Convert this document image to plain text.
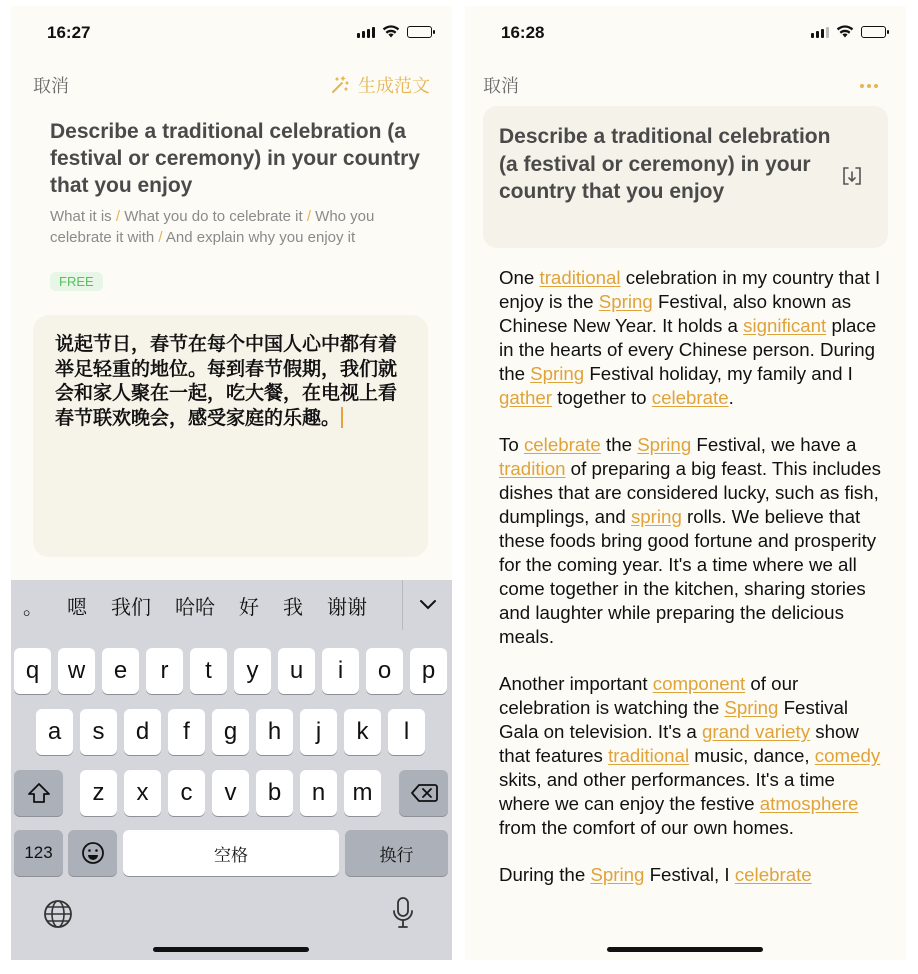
16:27
取消	生成范文
Describe a traditional celebration (a festival or ceremony) in your country that you enjoy
What it is / What you do to celebrate it / Who you celebrate it with / And explain why you enjoy it
FREE
说起节日，春节在每个中国人心中都有着举足轻重的地位。每到春节假期，我们就会和家人聚在一起，吃大餐，在电视上看春节联欢晚会，感受家庭的乐趣。
。	嗯	我们	哈哈	好	我	谢谢
123	空格	换行
q	w	e	r	t	y	u	i	o	p
a	s	d	f	g	h	j	k	l
z	x	c	v	b	n	m
16:28
取消
Describe a traditional celebration (a festival or ceremony) in your country that you enjoy

One traditional celebration in my country that I enjoy is the Spring Festival, also known as Chinese New Year. It holds a significant place in the hearts of every Chinese person. During the Spring Festival holiday, my family and I gather together to celebrate.

To celebrate the Spring Festival, we have a tradition of preparing a big feast. This includes dishes that are considered lucky, such as fish, dumplings, and spring rolls. We believe that these foods bring good fortune and prosperity for the coming year. It's a time where we all come together in the kitchen, sharing stories and laughter while preparing the delicious meals.

Another important component of our celebration is watching the Spring Festival Gala on television. It's a grand variety show that features traditional music, dance, comedy skits, and other performances. It's a time where we can enjoy the festive atmosphere from the comfort of our own homes.

During the Spring Festival, I celebrate
